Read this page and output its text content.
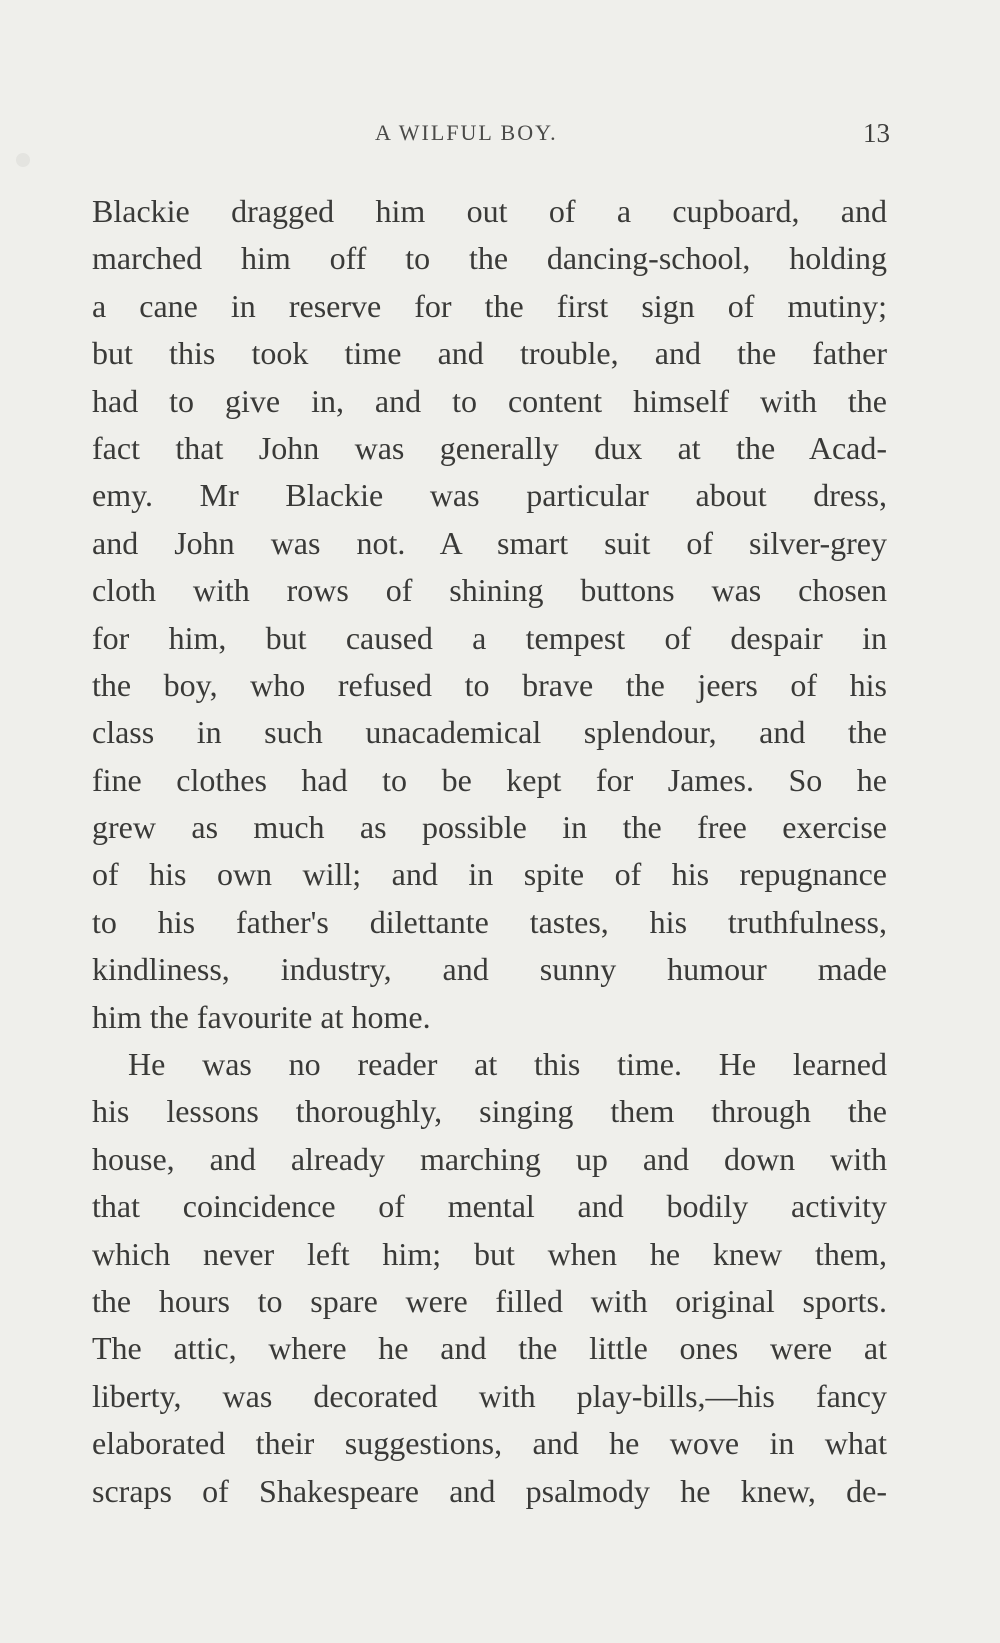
A WILFUL BOY.	13
Blackie dragged him out of a cupboard, and
marched him off to the dancing-school, holding
a cane in reserve for the first sign of mutiny;
but this took time and trouble, and the father
had to give in, and to content himself with the
fact that John was generally dux at the Acad-
emy. Mr Blackie was particular about dress,
and John was not. A smart suit of silver-grey
cloth with rows of shining buttons was chosen
for him, but caused a tempest of despair in
the boy, who refused to brave the jeers of his
class in such unacademical splendour, and the
fine clothes had to be kept for James. So he
grew as much as possible in the free exercise
of his own will; and in spite of his repugnance
to his father's dilettante tastes, his truthfulness,
kindliness, industry, and sunny humour made
him the favourite at home.
He was no reader at this time. He learned
his lessons thoroughly, singing them through the
house, and already marching up and down with
that coincidence of mental and bodily activity
which never left him; but when he knew them,
the hours to spare were filled with original sports.
The attic, where he and the little ones were at
liberty, was decorated with play-bills,—his fancy
elaborated their suggestions, and he wove in what
scraps of Shakespeare and psalmody he knew, de-
